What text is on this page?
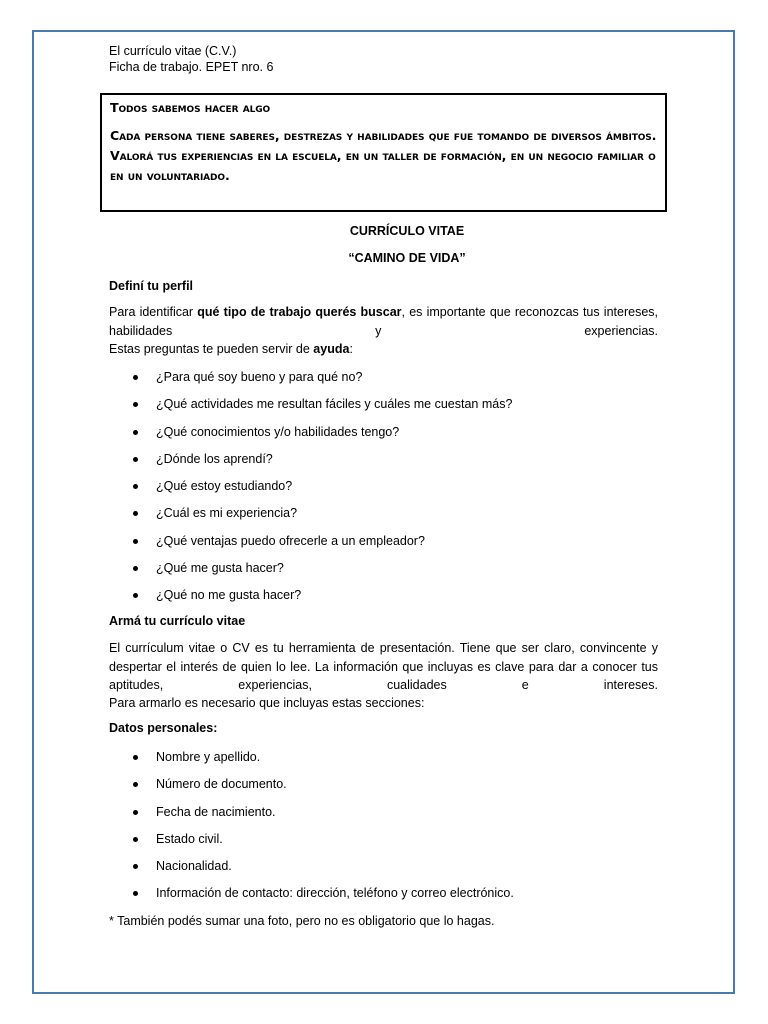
El currículo vitae (C.V.)
Ficha de trabajo. EPET nro. 6
Todos sabemos hacer algo
Cada persona tiene saberes, destrezas y habilidades que fue tomando de diversos ámbitos. Valorá tus experiencias en la escuela, en un taller de formación, en un negocio familiar o en un voluntariado.
CURRÍCULO VITAE
“CAMINO DE VIDA”
Definí tu perfil
Para identificar qué tipo de trabajo querés buscar, es importante que reconozcas tus intereses, habilidades y experiencias.
Estas preguntas te pueden servir de ayuda:
¿Para qué soy bueno y para qué no?
¿Qué actividades me resultan fáciles y cuáles me cuestan más?
¿Qué conocimientos y/o habilidades tengo?
¿Dónde los aprendí?
¿Qué estoy estudiando?
¿Cuál es mi experiencia?
¿Qué ventajas puedo ofrecerle a un empleador?
¿Qué me gusta hacer?
¿Qué no me gusta hacer?
Armá tu currículo vitae
El currículum vitae o CV es tu herramienta de presentación. Tiene que ser claro, convincente y despertar el interés de quien lo lee. La información que incluyas es clave para dar a conocer tus aptitudes, experiencias, cualidades e intereses.
Para armarlo es necesario que incluyas estas secciones:
Datos personales:
Nombre y apellido.
Número de documento.
Fecha de nacimiento.
Estado civil.
Nacionalidad.
Información de contacto: dirección, teléfono y correo electrónico.
* También podés sumar una foto, pero no es obligatorio que lo hagas.
